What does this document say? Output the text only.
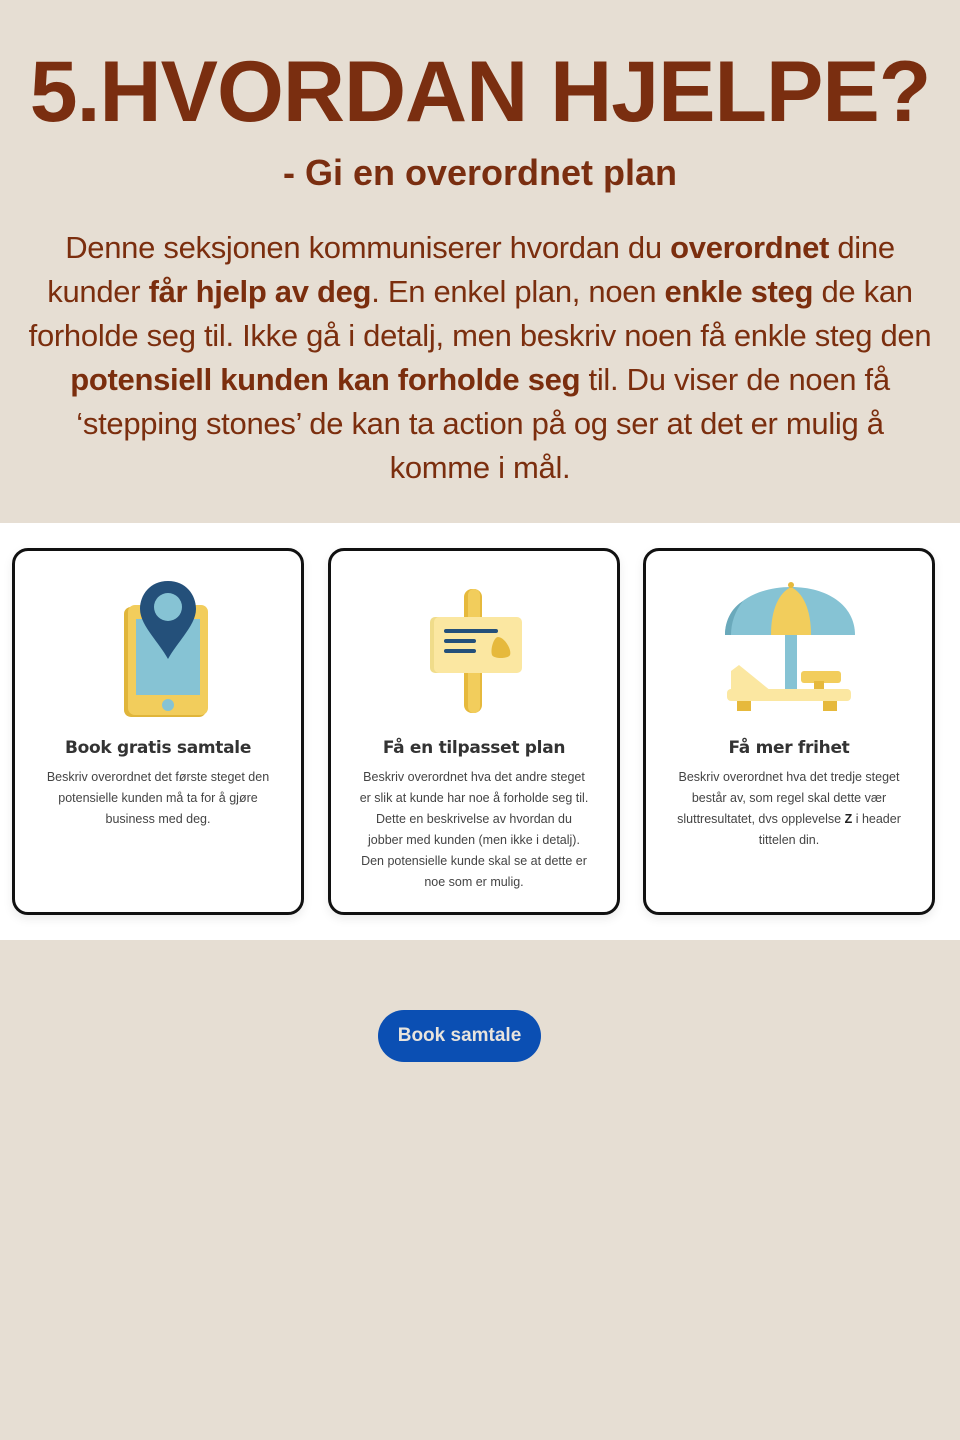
5.HVORDAN HJELPE?
- Gi en overordnet plan
Denne seksjonen kommuniserer hvordan du overordnet dine
kunder får hjelp av deg. En enkel plan, noen enkle steg de kan
forholde seg til. Ikke gå i detalj, men beskriv noen få enkle steg den
potensiell kunden kan forholde seg til. Du viser de noen få
‘stepping stones’ de kan ta action på og ser at det er mulig å
komme i mål.
Book gratis samtale

Beskriv overordnet det første steget den
potensielle kunden må ta for å gjøre
business med deg.

Få en tilpasset plan

Beskriv overordnet hva det andre steget
er slik at kunde har noe å forholde seg til.
Dette en beskrivelse av hvordan du
jobber med kunden (men ikke i detalj).
Den potensielle kunde skal se at dette er
noe som er mulig.

Få mer frihet

Beskriv overordnet hva det tredje steget
består av, som regel skal dette vær
sluttresultatet, dvs opplevelse Z i header
tittelen din.

Book samtale
